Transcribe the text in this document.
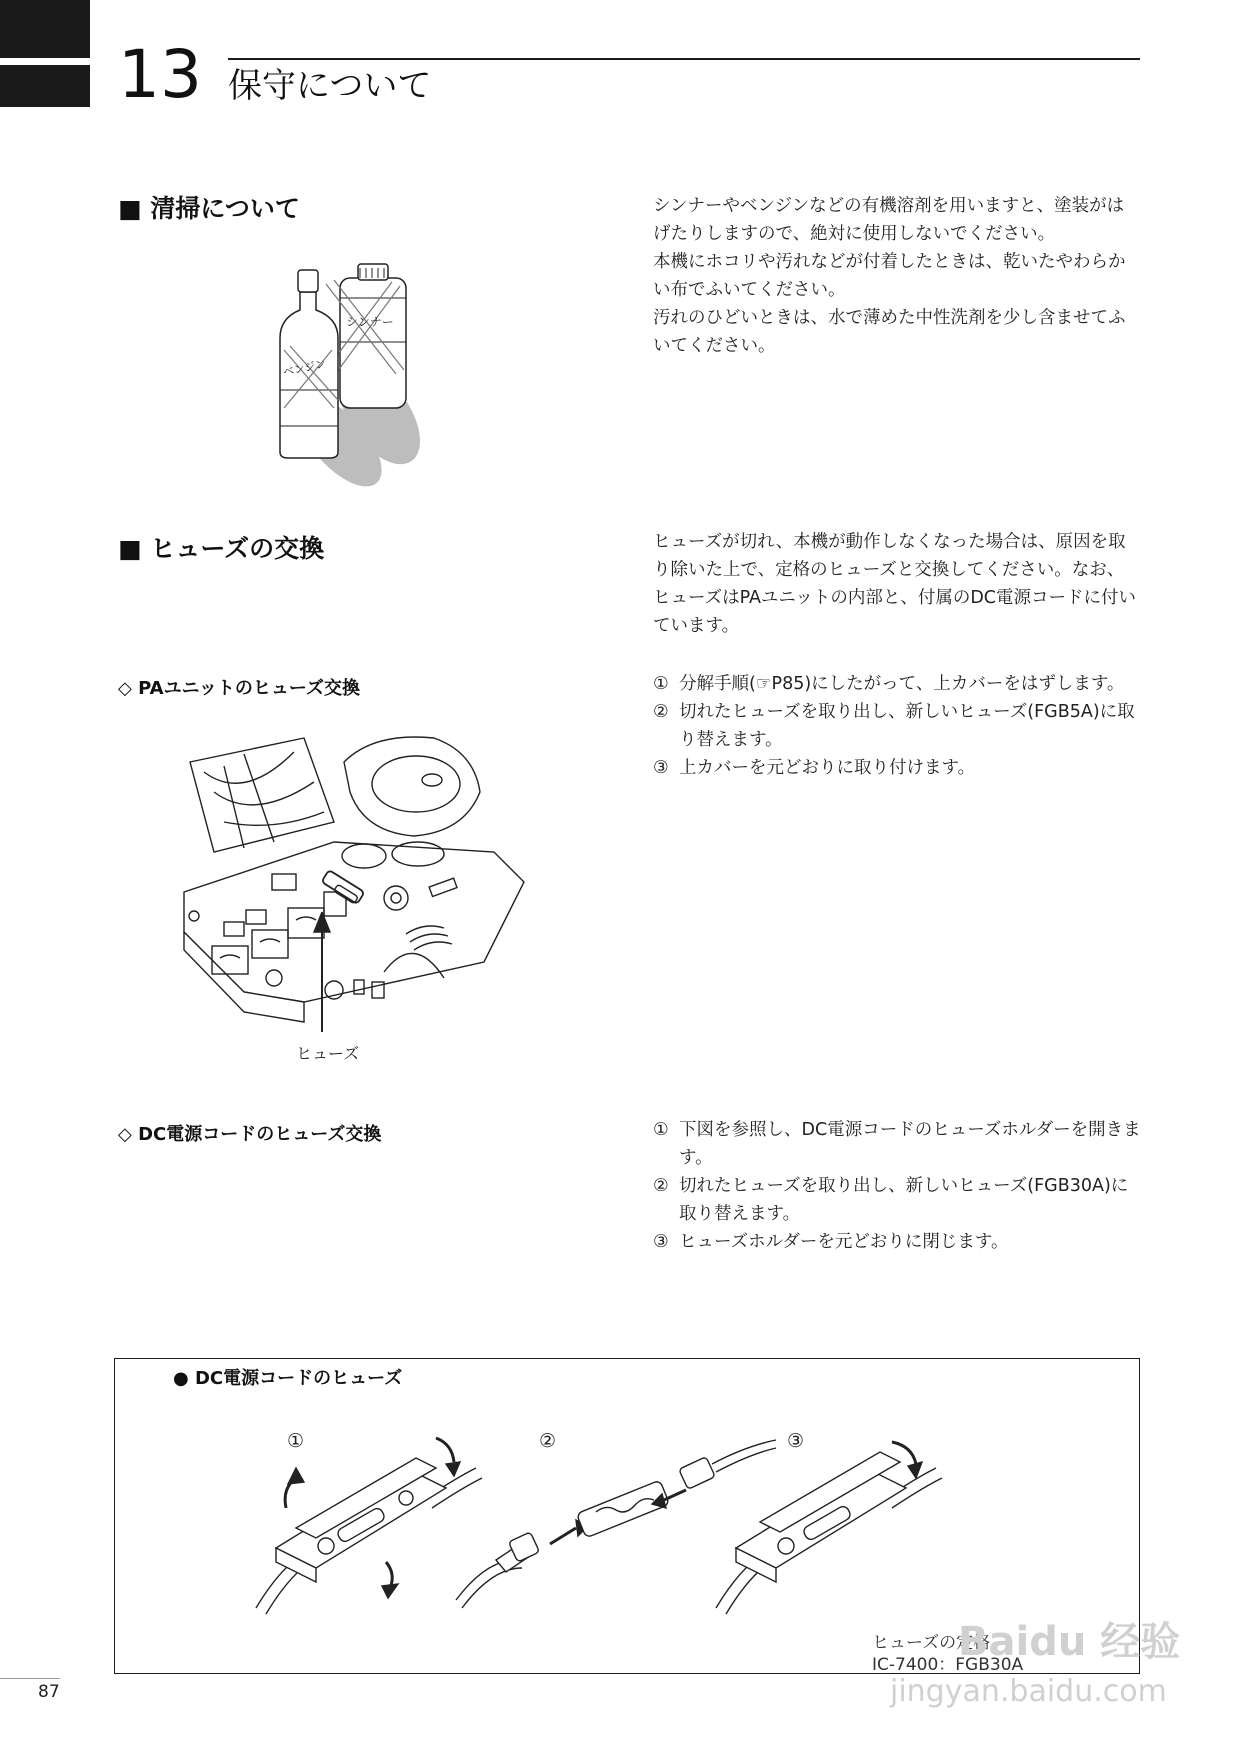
13 保守について
■ 清掃について	シンナーやベンジンなどの有機溶剤を用いますと、塗装がはげたりしますので、絶対に使用しないでください。

本機にホコリや汚れなどが付着したときは、乾いたやわらかい布でふいてください。

汚れのひどいときは、水で薄めた中性洗剤を少し含ませてふいてください。

シンナー
ベンジン
■ ヒューズの交換	ヒューズが切れ、本機が動作しなくなった場合は、原因を取り除いた上で、定格のヒューズと交換してください。なお、ヒューズはPAユニットの内部と、付属のDC電源コードに付いています。
◇ PAユニットのヒューズ交換	① 分解手順(☞P85)にしたがって、上カバーをはずします。
② 切れたヒューズを取り出し、新しいヒューズ(FGB5A)に取り替えます。
③ 上カバーを元どおりに取り付けます。
ヒューズ
◇ DC電源コードのヒューズ交換	① 下図を参照し、DC電源コードのヒューズホルダーを開きます。
② 切れたヒューズを取り出し、新しいヒューズ(FGB30A)に取り替えます。
③ ヒューズホルダーを元どおりに閉じます。
● DC電源コードのヒューズ
①	②	③
ヒューズの定格
IC-7400：FGB30A
Baidu 经验
jingyan.baidu.com
87
